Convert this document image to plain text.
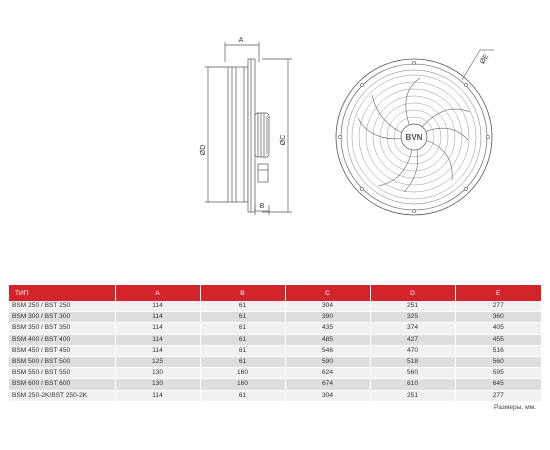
A
B
ØD
ØC	BVN
ØE
ТИП	A	B	C	D	E
BSM 250 / BST 250	114	61	304	251	277
BSM 300 / BST 300	114	61	390	325	360
BSM 350 / BST 350	114	61	435	374	405
BSM 400 / BST 400	114	61	485	427	455
BSM 450 / BST 450	114	61	546	470	516
BSM 500 / BST 500	125	61	590	518	560
BSM 550 / BST 550	130	160	624	560	595
BSM 600 / BST 600	130	160	674	610	645
BSM 250-2K/BST 250-2K	114	61	304	251	277
Размеры, мм.
